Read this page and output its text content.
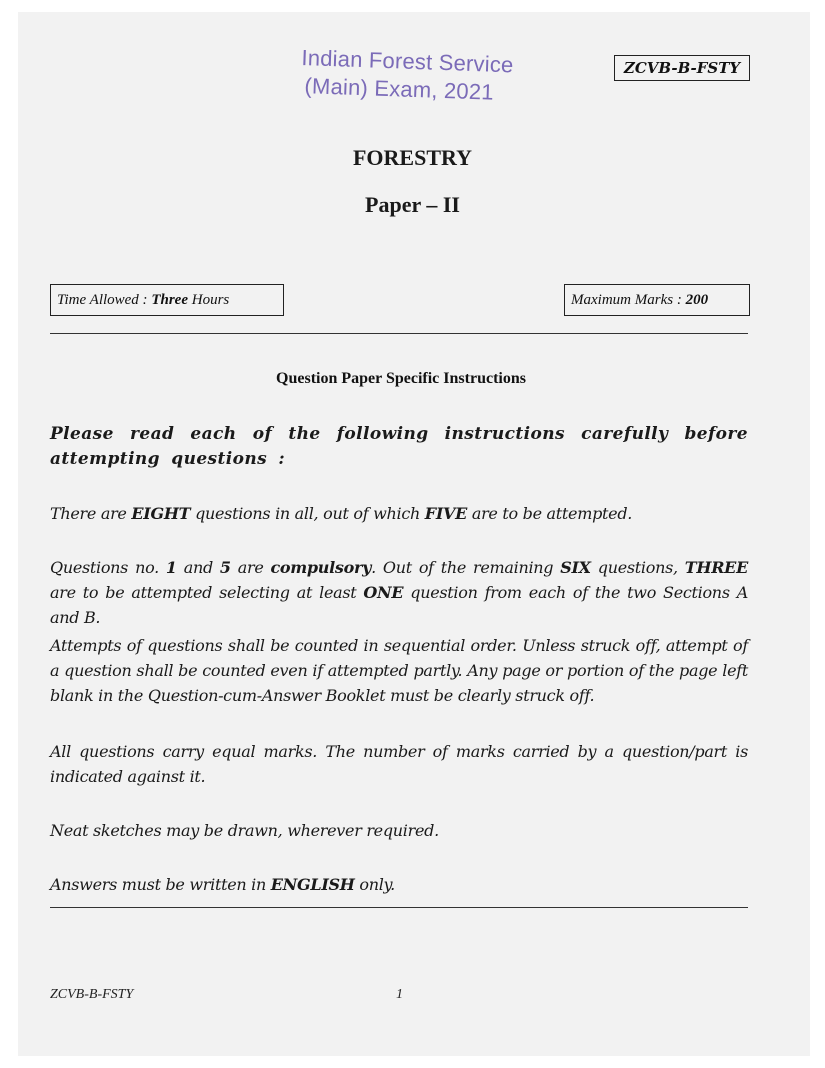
Indian Forest Service
(Main) Exam, 2021
ZCVB-B-FSTY
FORESTRY
Paper – II
Time Allowed : Three Hours	Maximum Marks : 200
Question Paper Specific Instructions
Please read each of the following instructions carefully before attempting questions :
There are EIGHT questions in all, out of which FIVE are to be attempted.
Questions no. 1 and 5 are compulsory. Out of the remaining SIX questions, THREE are to be attempted selecting at least ONE question from each of the two Sections A and B.
Attempts of questions shall be counted in sequential order. Unless struck off, attempt of a question shall be counted even if attempted partly. Any page or portion of the page left blank in the Question-cum-Answer Booklet must be clearly struck off.
All questions carry equal marks. The number of marks carried by a question/part is indicated against it.
Neat sketches may be drawn, wherever required.
Answers must be written in ENGLISH only.
ZCVB-B-FSTY	1
